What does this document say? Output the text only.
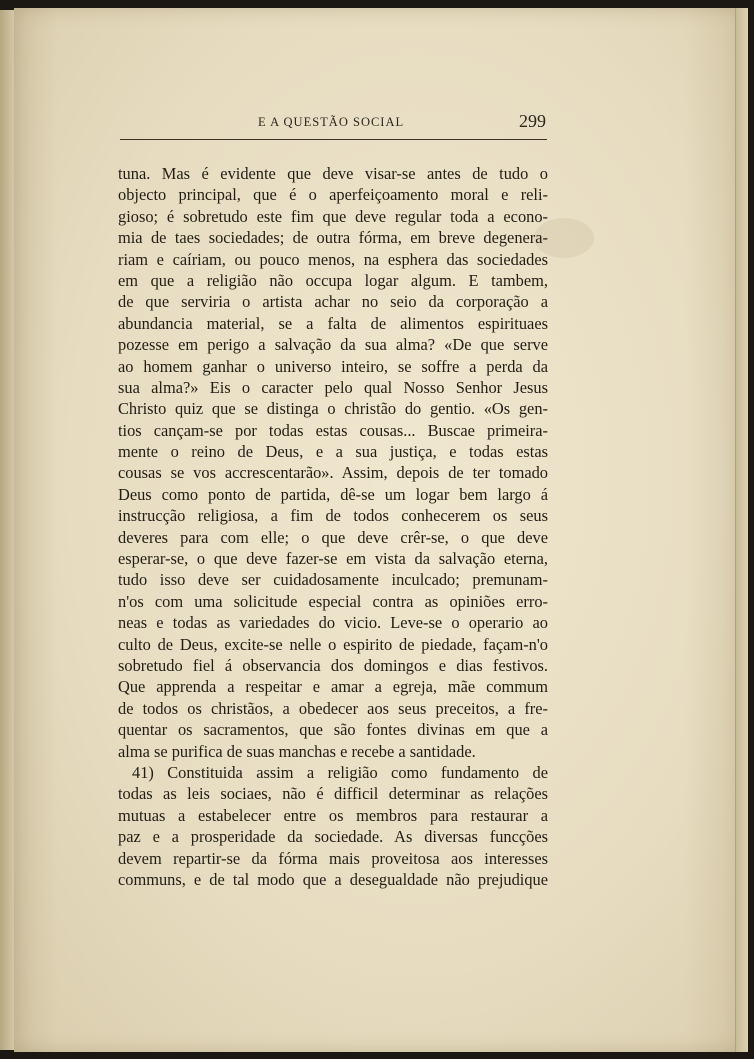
E A QUESTÃO SOCIAL	299
tuna. Mas é evidente que deve visar-se antes de tudo o
objecto principal, que é o aperfeiçoamento moral e reli-
gioso; é sobretudo este fim que deve regular toda a econo-
mia de taes sociedades; de outra fórma, em breve degenera-
riam e caíriam, ou pouco menos, na esphera das sociedades
em que a religião não occupa logar algum. E tambem,
de que serviria o artista achar no seio da corporação a
abundancia material, se a falta de alimentos espirituaes
pozesse em perigo a salvação da sua alma? «De que serve
ao homem ganhar o universo inteiro, se soffre a perda da
sua alma?» Eis o caracter pelo qual Nosso Senhor Jesus
Christo quiz que se distinga o christão do gentio. «Os gen-
tios cançam-se por todas estas cousas... Buscae primeira-
mente o reino de Deus, e a sua justiça, e todas estas
cousas se vos accrescentarão». Assim, depois de ter tomado
Deus como ponto de partida, dê-se um logar bem largo á
instrucção religiosa, a fim de todos conhecerem os seus
deveres para com elle; o que deve crêr-se, o que deve
esperar-se, o que deve fazer-se em vista da salvação eterna,
tudo isso deve ser cuidadosamente inculcado; premunam-
n'os com uma solicitude especial contra as opiniões erro-
neas e todas as variedades do vicio. Leve-se o operario ao
culto de Deus, excite-se nelle o espirito de piedade, façam-n'o
sobretudo fiel á observancia dos domingos e dias festivos.
Que apprenda a respeitar e amar a egreja, mãe commum
de todos os christãos, a obedecer aos seus preceitos, a fre-
quentar os sacramentos, que são fontes divinas em que a
alma se purifica de suas manchas e recebe a santidade.
41) Constituida assim a religião como fundamento de
todas as leis sociaes, não é difficil determinar as relações
mutuas a estabelecer entre os membros para restaurar a
paz e a prosperidade da sociedade. As diversas funcções
devem repartir-se da fórma mais proveitosa aos interesses
communs, e de tal modo que a desegualdade não prejudique
